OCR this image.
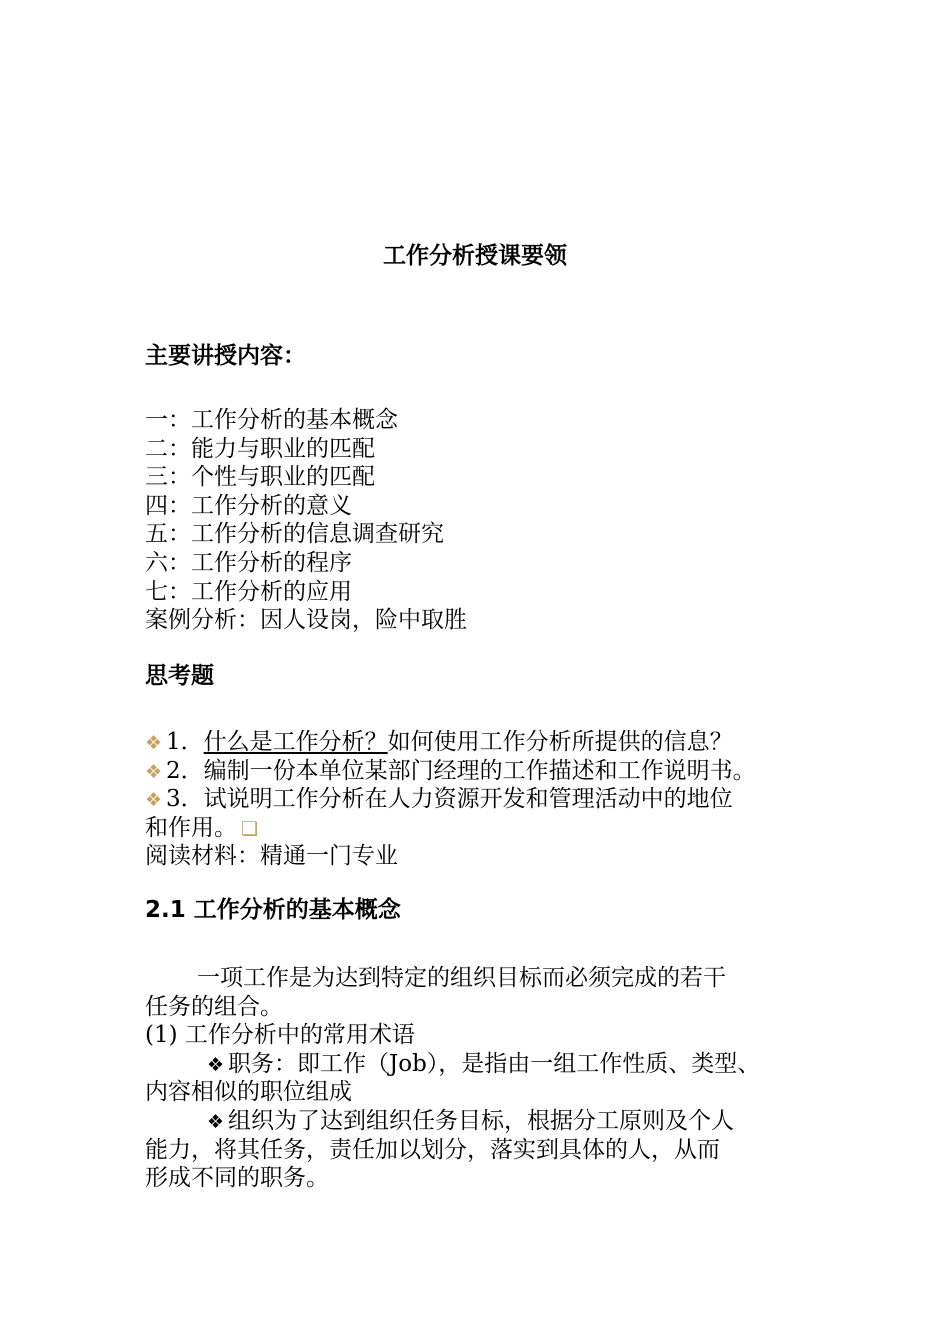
工作分析授课要领
主要讲授内容：
一：工作分析的基本概念
二：能力与职业的匹配
三：个性与职业的匹配
四：工作分析的意义
五：工作分析的信息调查研究
六：工作分析的程序
七：工作分析的应用
案例分析：因人设岗，险中取胜
思考题
❖ 1．什么是工作分析？如何使用工作分析所提供的信息？
❖ 2．编制一份本单位某部门经理的工作描述和工作说明书。
❖ 3．试说明工作分析在人力资源开发和管理活动中的地位
和作用。 ❑
阅读材料：精通一门专业
2.1 工作分析的基本概念
一项工作是为达到特定的组织目标而必须完成的若干
任务的组合。
(1) 工作分析中的常用术语
❖ 职务：即工作（Job），是指由一组工作性质、类型、
内容相似的职位组成
❖ 组织为了达到组织任务目标，根据分工原则及个人
能力，将其任务，责任加以划分，落实到具体的人，从而
形成不同的职务。
